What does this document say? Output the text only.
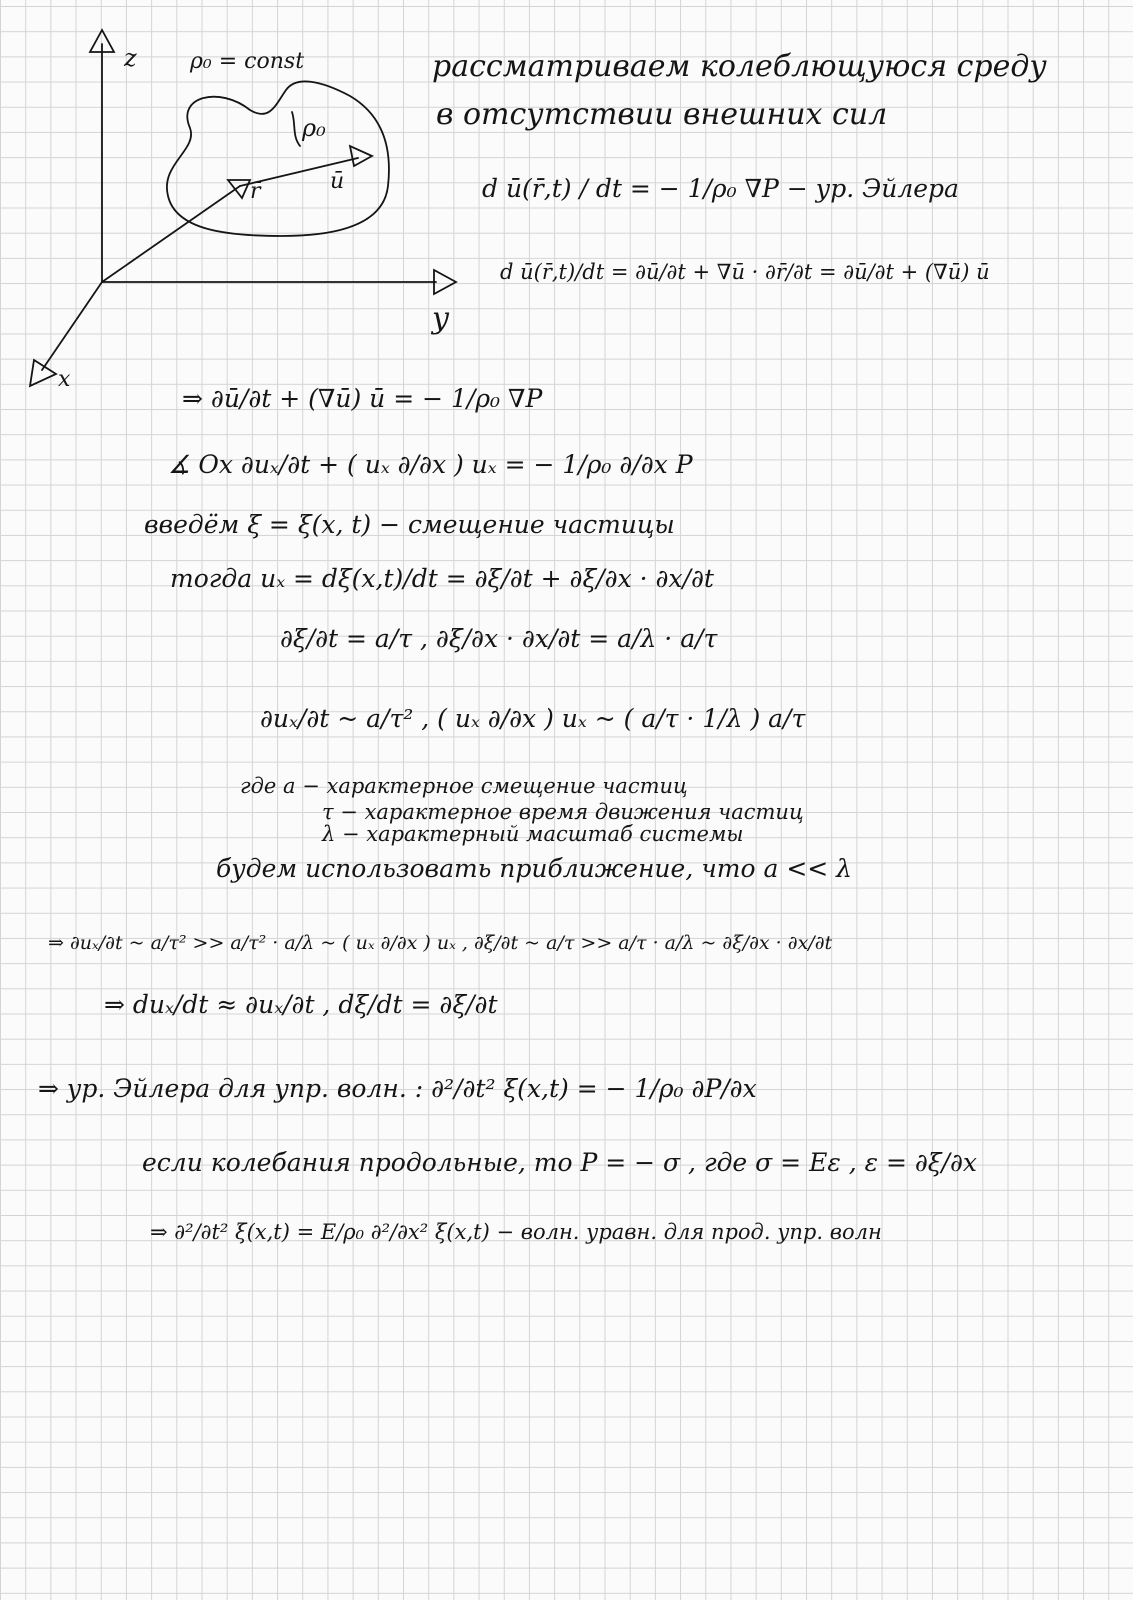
z
y
x
ρ₀ = const
ρ₀
r̄	ū
рассматриваем колеблющуюся среду
в отсутствии внешних сил
d ū(r̄,t) / dt = − 1/ρ₀ ∇P − ур. Эйлера
d ū(r̄,t)/dt = ∂ū/∂t + ∇ū · ∂r̄/∂t = ∂ū/∂t + (∇ū) ū
⇒ ∂ū/∂t + (∇ū) ū = − 1/ρ₀ ∇P
∡ Ox ∂uₓ/∂t + ( uₓ ∂/∂x ) uₓ = − 1/ρ₀ ∂/∂x P
введём ξ = ξ(x, t) − смещение частицы
тогда uₓ = dξ(x,t)/dt = ∂ξ/∂t + ∂ξ/∂x · ∂x/∂t
∂ξ/∂t = a/τ , ∂ξ/∂x · ∂x/∂t = a/λ · a/τ
∂uₓ/∂t ~ a/τ² , ( uₓ ∂/∂x ) uₓ ~ ( a/τ · 1/λ ) a/τ
где a − характерное смещение частиц
τ − характерное время движения частиц
λ − характерный масштаб системы
будем использовать приближение, что a << λ
⇒ ∂uₓ/∂t ~ a/τ² >> a/τ² · a/λ ~ ( uₓ ∂/∂x ) uₓ , ∂ξ/∂t ~ a/τ >> a/τ · a/λ ~ ∂ξ/∂x · ∂x/∂t
⇒ duₓ/dt ≈ ∂uₓ/∂t , dξ/dt = ∂ξ/∂t
⇒ ур. Эйлера для упр. волн. : ∂²/∂t² ξ(x,t) = − 1/ρ₀ ∂P/∂x
если колебания продольные, то P = − σ , где σ = Eε , ε = ∂ξ/∂x
⇒ ∂²/∂t² ξ(x,t) = E/ρ₀ ∂²/∂x² ξ(x,t) − волн. уравн. для прод. упр. волн
